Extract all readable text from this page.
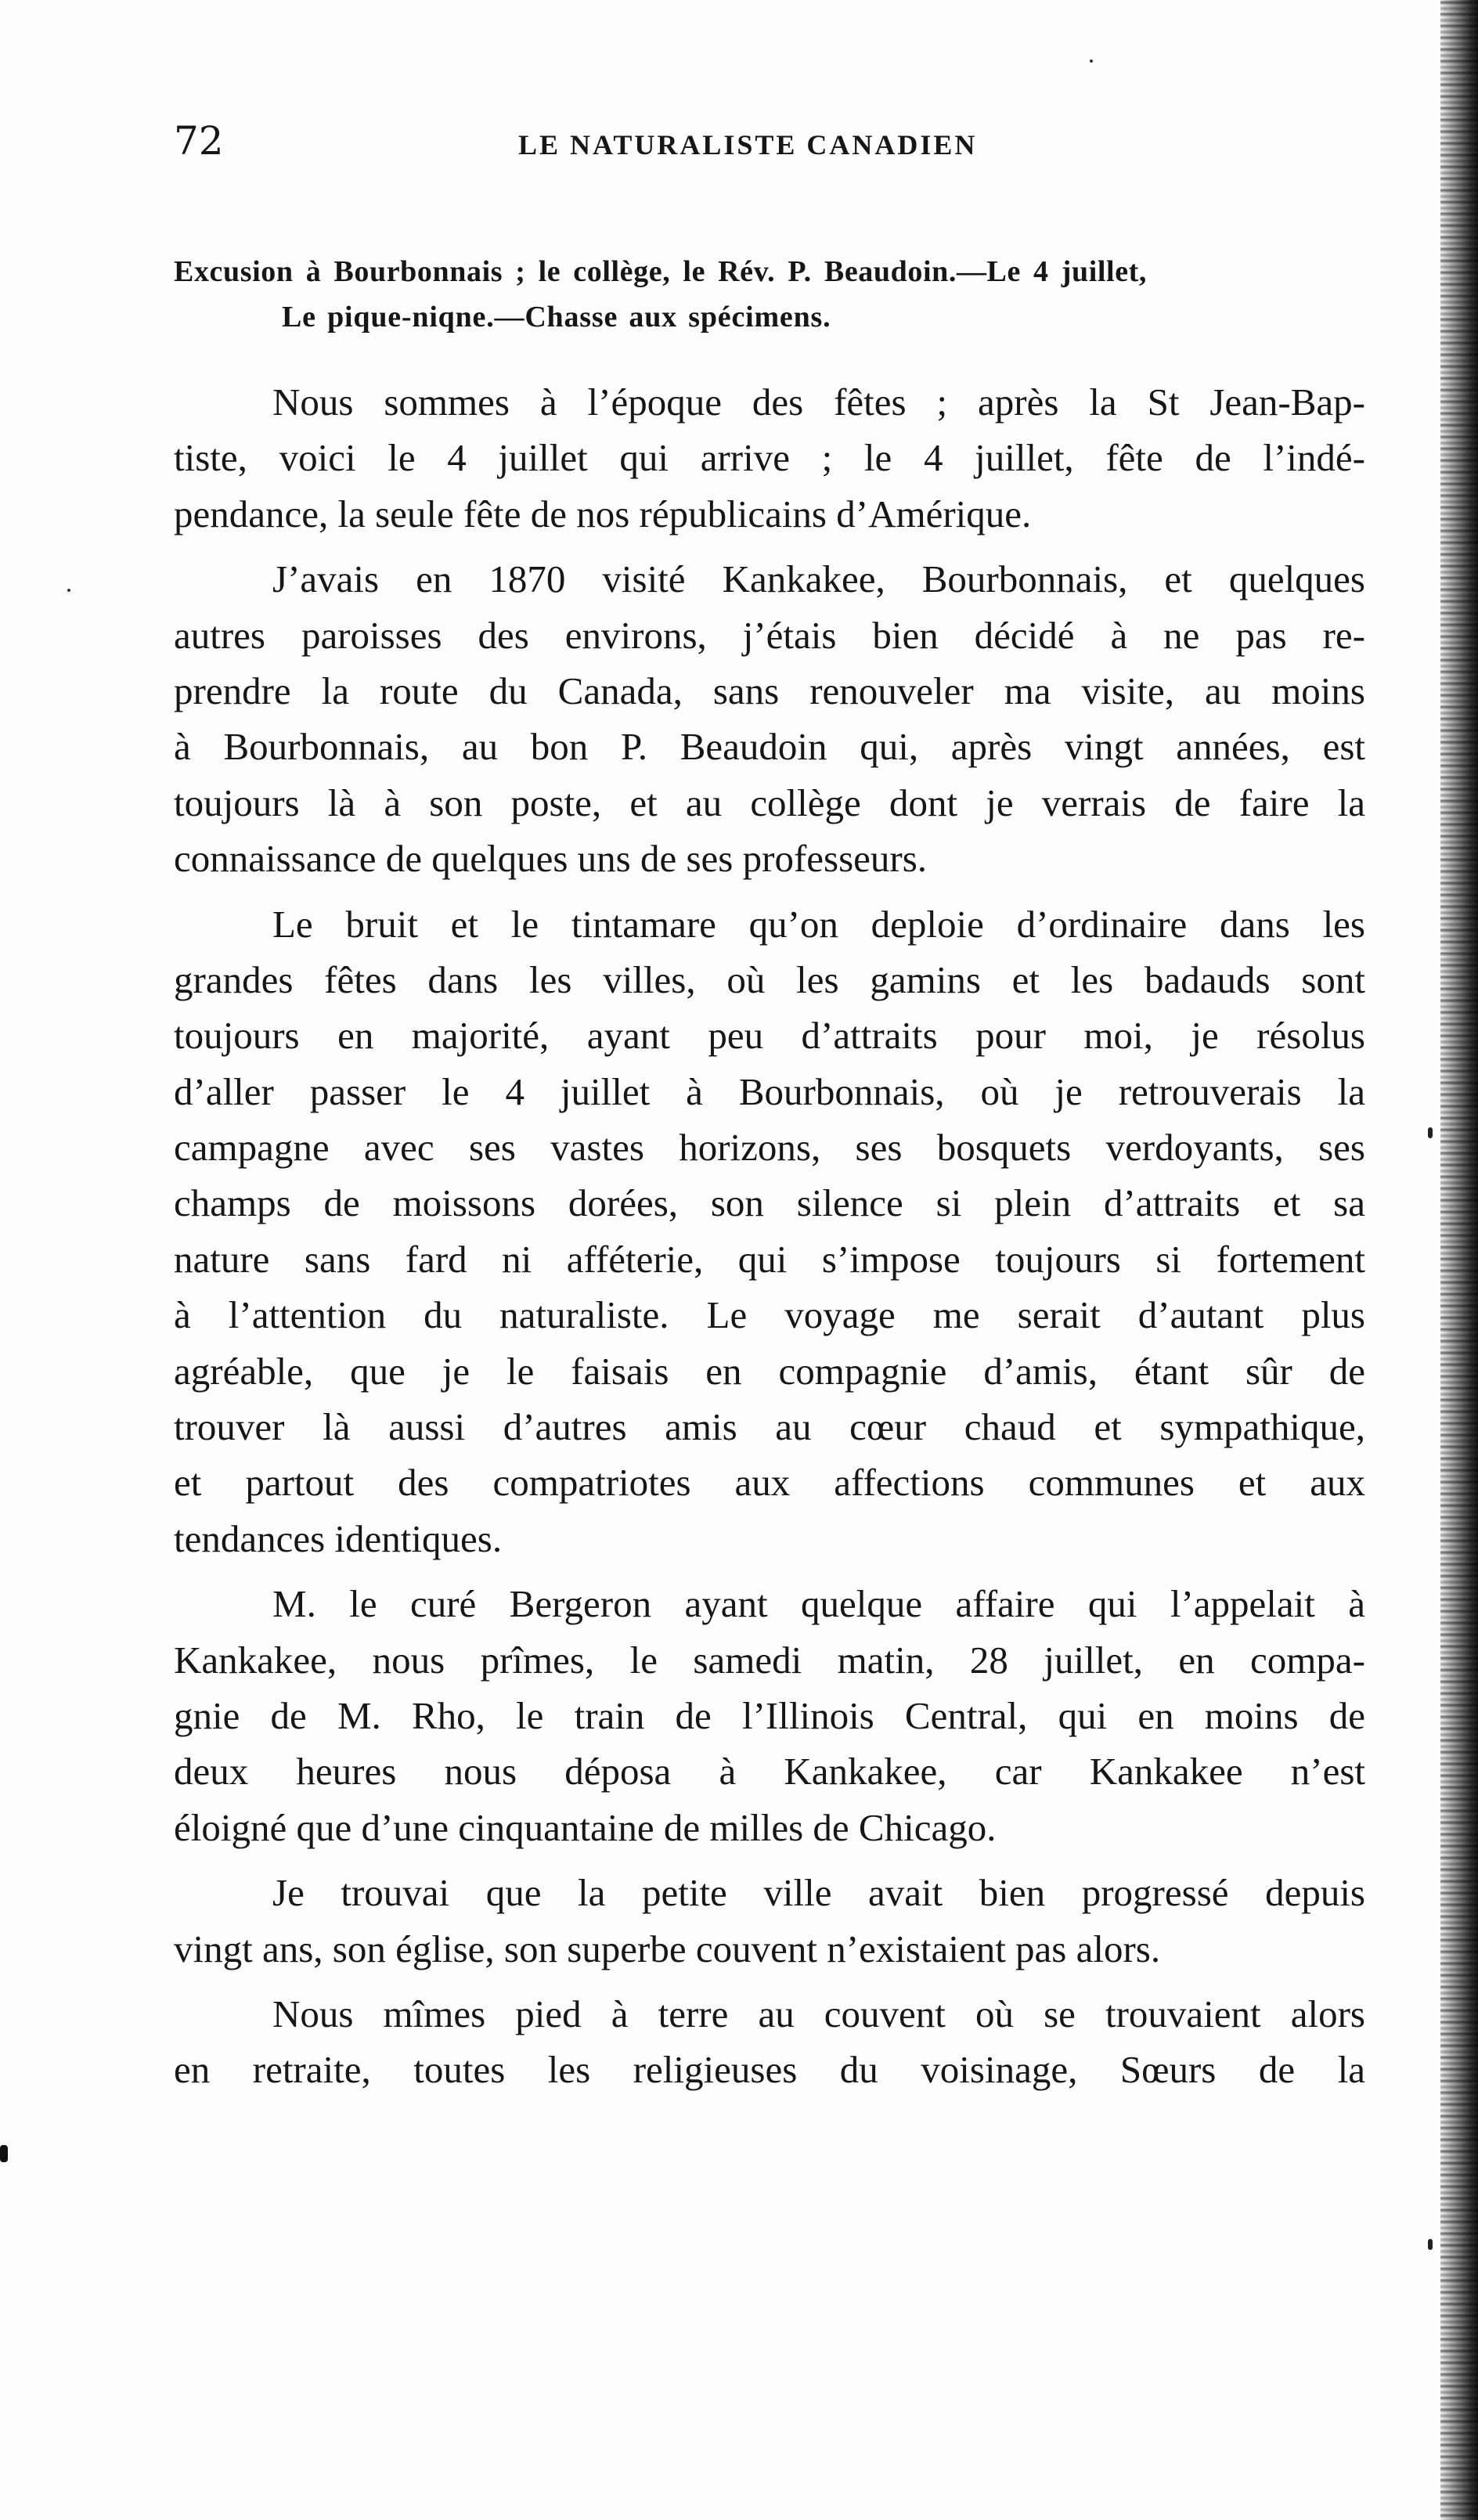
72	LE NATURALISTE CANADIEN
Excusion à Bourbonnais ; le collège, le Rév. P. Beaudoin.—Le 4 juillet,
Le pique-niqne.—Chasse aux spécimens.
Nous sommes à l’époque des fêtes ; après la St Jean-Bap-
tiste, voici le 4 juillet qui arrive ; le 4 juillet, fête de l’indé-
pendance, la seule fête de nos républicains d’Amérique.
J’avais en 1870 visité Kankakee, Bourbonnais, et quelques
autres paroisses des environs, j’étais bien décidé à ne pas re-
prendre la route du Canada, sans renouveler ma visite, au moins
à Bourbonnais, au bon P. Beaudoin qui, après vingt années, est
toujours là à son poste, et au collège dont je verrais de faire la
connaissance de quelques uns de ses professeurs.
Le bruit et le tintamare qu’on deploie d’ordinaire dans les
grandes fêtes dans les villes, où les gamins et les badauds sont
toujours en majorité, ayant peu d’attraits pour moi, je résolus
d’aller passer le 4 juillet à Bourbonnais, où je retrouverais la
campagne avec ses vastes horizons, ses bosquets verdoyants, ses
champs de moissons dorées, son silence si plein d’attraits et sa
nature sans fard ni afféterie, qui s’impose toujours si fortement
à l’attention du naturaliste. Le voyage me serait d’autant plus
agréable, que je le faisais en compagnie d’amis, étant sûr de
trouver là aussi d’autres amis au cœur chaud et sympathique,
et partout des compatriotes aux affections communes et aux
tendances identiques.
M. le curé Bergeron ayant quelque affaire qui l’appelait à
Kankakee, nous prîmes, le samedi matin, 28 juillet, en compa-
gnie de M. Rho, le train de l’Illinois Central, qui en moins de
deux heures nous déposa à Kankakee, car Kankakee n’est
éloigné que d’une cinquantaine de milles de Chicago.
Je trouvai que la petite ville avait bien progressé depuis
vingt ans, son église, son superbe couvent n’existaient pas alors.
Nous mîmes pied à terre au couvent où se trouvaient alors
en retraite, toutes les religieuses du voisinage, Sœurs de la
